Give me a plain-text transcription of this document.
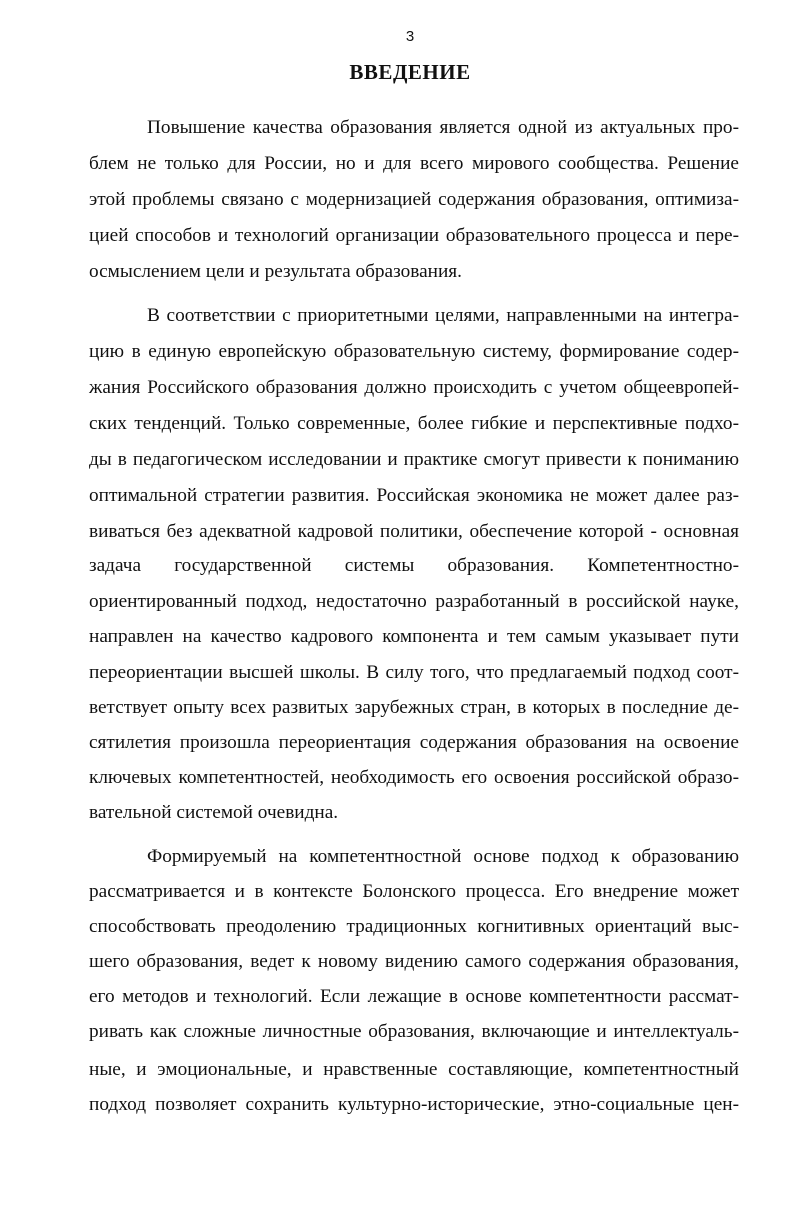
3
ВВЕДЕНИЕ
Повышение качества образования является одной из актуальных про-
блем не только для России, но и для всего мирового сообщества. Решение
этой проблемы связано с модернизацией содержания образования, оптимиза-
цией способов и технологий организации образовательного процесса и пере-
осмыслением цели и результата образования.
В соответствии с приоритетными целями, направленными на интегра-
цию в единую европейскую образовательную систему, формирование содер-
жания Российского образования должно происходить с учетом общеевропей-
ских тенденций. Только современные, более гибкие и перспективные подхо-
ды в педагогическом исследовании и практике смогут привести к пониманию
оптимальной стратегии развития. Российская экономика не может далее раз-
виваться без адекватной кадровой политики, обеспечение которой - основная
задача государственной системы образования. Компетентностно-
ориентированный подход, недостаточно разработанный в российской науке,
направлен на качество кадрового компонента и тем самым указывает пути
переориентации высшей школы. В силу того, что предлагаемый подход соот-
ветствует опыту всех развитых зарубежных стран, в которых в последние де-
сятилетия произошла переориентация содержания образования на освоение
ключевых компетентностей, необходимость его освоения российской образо-
вательной системой очевидна.
Формируемый на компетентностной основе подход к образованию
рассматривается и в контексте Болонского процесса. Его внедрение может
способствовать преодолению традиционных когнитивных ориентаций выс-
шего образования, ведет к новому видению самого содержания образования,
его методов и технологий. Если лежащие в основе компетентности рассмат-
ривать как сложные личностные образования, включающие и интеллектуаль-
ные, и эмоциональные, и нравственные составляющие, компетентностный
подход позволяет сохранить культурно-исторические, этно-социальные цен-
